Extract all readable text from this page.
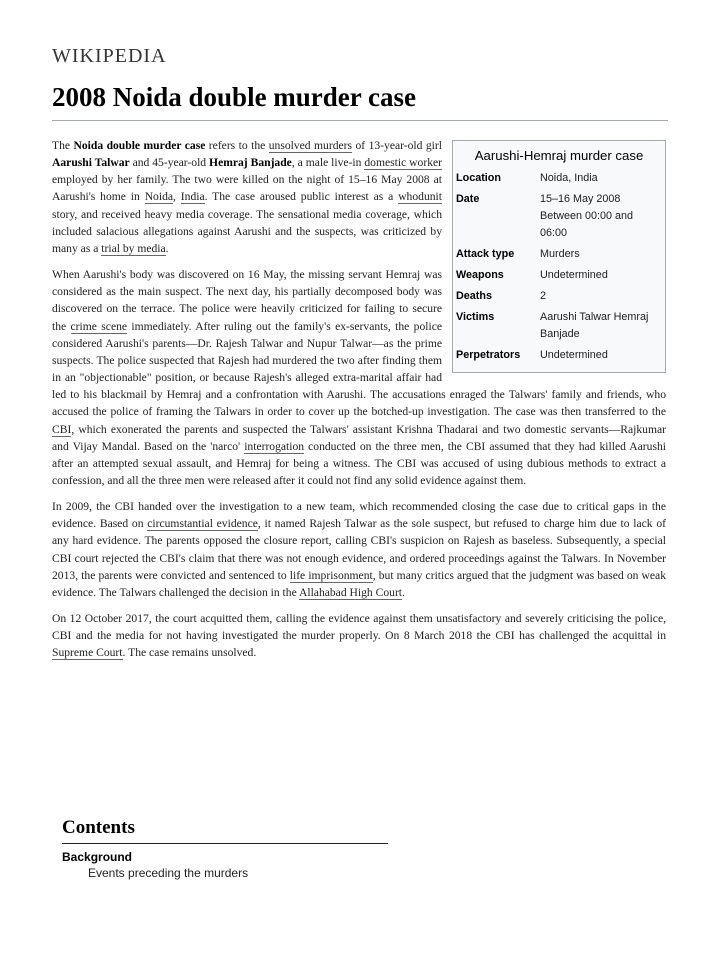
WIKIPEDIA
2008 Noida double murder case
Aarushi-Hemraj murder case
Location	Noida, India
Date	15–16 May 2008 Between 00:00 and 06:00
Attack type	Murders
Weapons	Undetermined
Deaths	2
Victims	Aarushi Talwar Hemraj Banjade
Perpetrators	Undetermined

The Noida double murder case refers to the unsolved murders of 13-year-old girl Aarushi Talwar and 45-year-old Hemraj Banjade, a male live-in domestic worker employed by her family. The two were killed on the night of 15–16 May 2008 at Aarushi's home in Noida, India. The case aroused public interest as a whodunit story, and received heavy media coverage. The sensational media coverage, which included salacious allegations against Aarushi and the suspects, was criticized by many as a trial by media.

When Aarushi's body was discovered on 16 May, the missing servant Hemraj was considered as the main suspect. The next day, his partially decomposed body was discovered on the terrace. The police were heavily criticized for failing to secure the crime scene immediately. After ruling out the family's ex-servants, the police considered Aarushi's parents—Dr. Rajesh Talwar and Nupur Talwar—as the prime suspects. The police suspected that Rajesh had murdered the two after finding them in an "objectionable" position, or because Rajesh's alleged extra-marital affair had led to his blackmail by Hemraj and a confrontation with Aarushi. The accusations enraged the Talwars' family and friends, who accused the police of framing the Talwars in order to cover up the botched-up investigation. The case was then transferred to the CBI, which exonerated the parents and suspected the Talwars' assistant Krishna Thadarai and two domestic servants—Rajkumar and Vijay Mandal. Based on the 'narco' interrogation conducted on the three men, the CBI assumed that they had killed Aarushi after an attempted sexual assault, and Hemraj for being a witness. The CBI was accused of using dubious methods to extract a confession, and all the three men were released after it could not find any solid evidence against them.

In 2009, the CBI handed over the investigation to a new team, which recommended closing the case due to critical gaps in the evidence. Based on circumstantial evidence, it named Rajesh Talwar as the sole suspect, but refused to charge him due to lack of any hard evidence. The parents opposed the closure report, calling CBI's suspicion on Rajesh as baseless. Subsequently, a special CBI court rejected the CBI's claim that there was not enough evidence, and ordered proceedings against the Talwars. In November 2013, the parents were convicted and sentenced to life imprisonment, but many critics argued that the judgment was based on weak evidence. The Talwars challenged the decision in the Allahabad High Court.

On 12 October 2017, the court acquitted them, calling the evidence against them unsatisfactory and severely criticising the police, CBI and the media for not having investigated the murder properly. On 8 March 2018 the CBI has challenged the acquittal in Supreme Court. The case remains unsolved.

Contents
Background
Events preceding the murders
